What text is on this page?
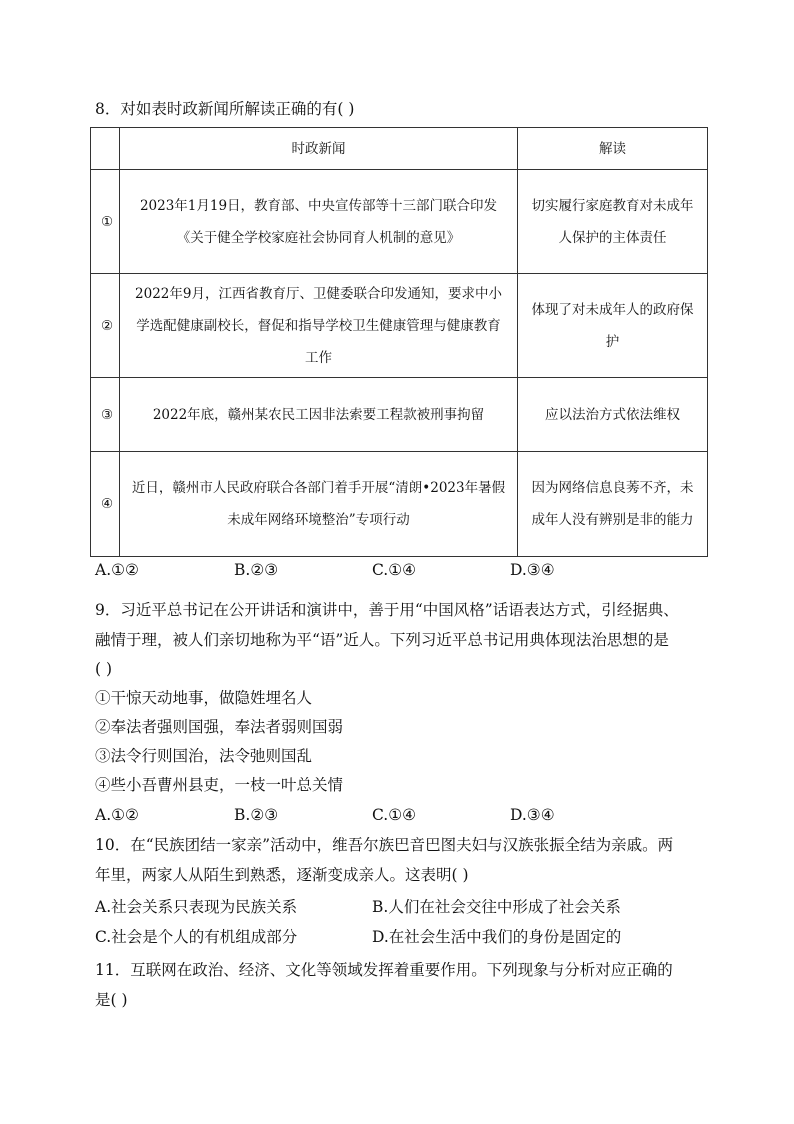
8．对如表时政新闻所解读正确的有( )
	时政新闻	解读
①	2023年1月19日，教育部、中央宣传部等十三部门联合印发《关于健全学校家庭社会协同育人机制的意见》	切实履行家庭教育对未成年人保护的主体责任
②	2022年9月，江西省教育厅、卫健委联合印发通知，要求中小学选配健康副校长，督促和指导学校卫生健康管理与健康教育工作	体现了对未成年人的政府保护
③	2022年底，赣州某农民工因非法索要工程款被刑事拘留	应以法治方式依法维权
④	近日，赣州市人民政府联合各部门着手开展“清朗•2023年暑假未成年网络环境整治”专项行动	因为网络信息良莠不齐，未成年人没有辨别是非的能力
A.①②	B.②③	C.①④	D.③④
9．习近平总书记在公开讲话和演讲中，善于用“中国风格”话语表达方式，引经据典、
融情于理，被人们亲切地称为平“语”近人。下列习近平总书记用典体现法治思想的是
( )
①干惊天动地事，做隐姓埋名人
②奉法者强则国强，奉法者弱则国弱
③法令行则国治，法令弛则国乱
④些小吾曹州县吏，一枝一叶总关情
A.①②	B.②③	C.①④	D.③④
10．在“民族团结一家亲”活动中，维吾尔族巴音巴图夫妇与汉族张振全结为亲戚。两
年里，两家人从陌生到熟悉，逐渐变成亲人。这表明( )
A.社会关系只表现为民族关系	B.人们在社会交往中形成了社会关系
C.社会是个人的有机组成部分	D.在社会生活中我们的身份是固定的
11．互联网在政治、经济、文化等领域发挥着重要作用。下列现象与分析对应正确的
是( )
